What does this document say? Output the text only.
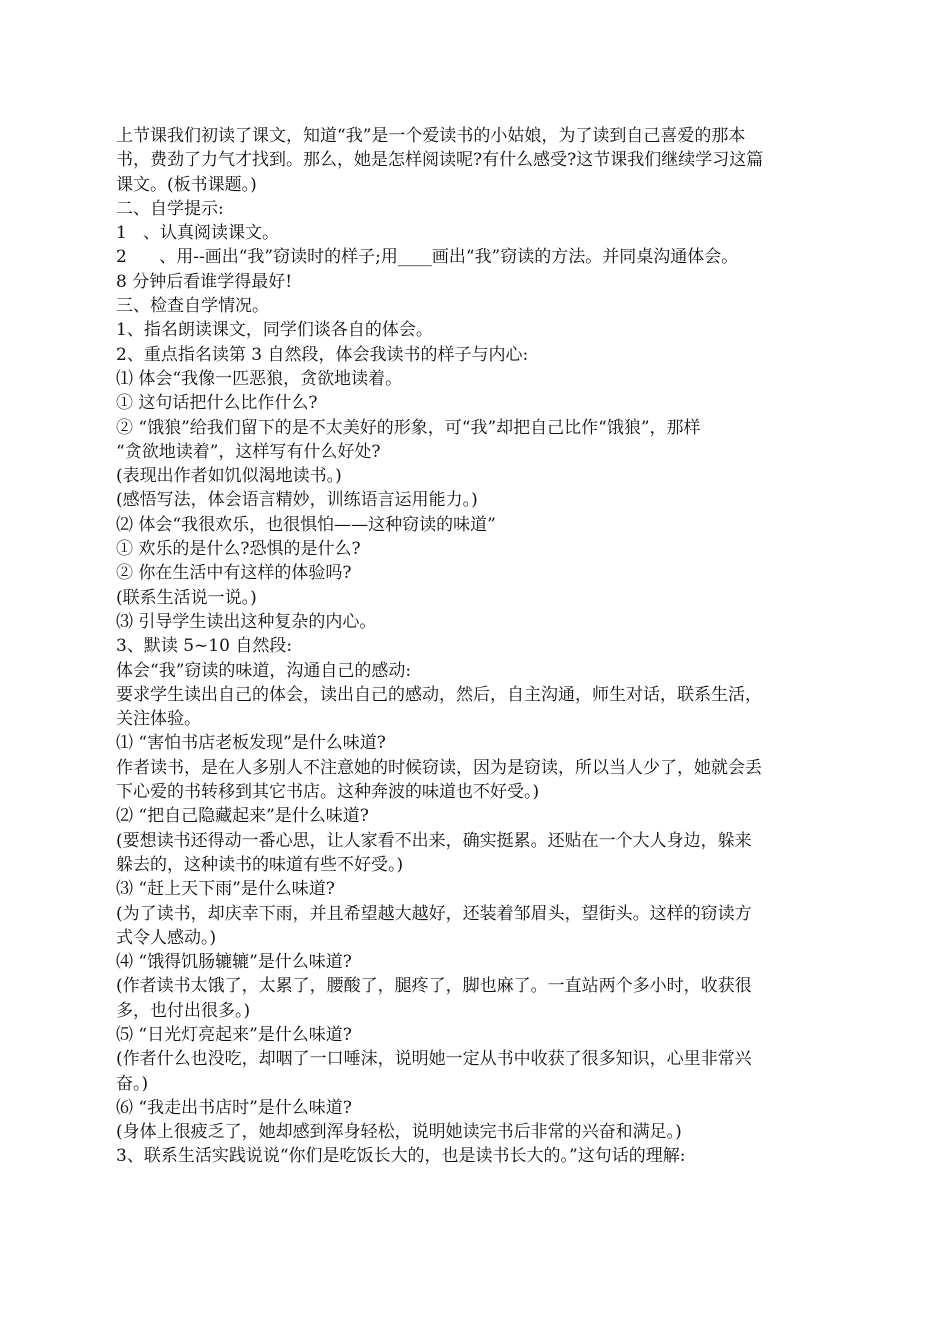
上节课我们初读了课文，知道“我”是一个爱读书的小姑娘，为了读到自己喜爱的那本
书，费劲了力气才找到。那么，她是怎样阅读呢?有什么感受?这节课我们继续学习这篇
课文。(板书课题。)
二、自学提示:
1   、认真阅读课文。
2      、用--画出“我”窃读时的样子;用____画出“我”窃读的方法。并同桌沟通体会。
8 分钟后看谁学得最好!
三、检查自学情况。
1、指名朗读课文，同学们谈各自的体会。
2、重点指名读第 3 自然段，体会我读书的样子与内心:
⑴ 体会“我像一匹恶狼，贪欲地读着。
① 这句话把什么比作什么?
② “饿狼”给我们留下的是不太美好的形象，可“我”却把自己比作“饿狼”，那样
“贪欲地读着”，这样写有什么好处?
(表现出作者如饥似渴地读书。)
(感悟写法，体会语言精妙，训练语言运用能力。)
⑵ 体会“我很欢乐，也很惧怕——这种窃读的味道”
① 欢乐的是什么?恐惧的是什么?
② 你在生活中有这样的体验吗?
(联系生活说一说。)
⑶ 引导学生读出这种复杂的内心。
3、默读 5~10 自然段:
体会“我”窃读的味道，沟通自己的感动:
要求学生读出自己的体会，读出自己的感动，然后，自主沟通，师生对话，联系生活，
关注体验。
⑴ “害怕书店老板发现”是什么味道?
作者读书，是在人多别人不注意她的时候窃读，因为是窃读，所以当人少了，她就会丢
下心爱的书转移到其它书店。这种奔波的味道也不好受。)
⑵ “把自己隐藏起来”是什么味道?
(要想读书还得动一番心思，让人家看不出来，确实挺累。还贴在一个大人身边，躲来
躲去的，这种读书的味道有些不好受。)
⑶ “赶上天下雨”是什么味道?
(为了读书，却庆幸下雨，并且希望越大越好，还装着邹眉头，望街头。这样的窃读方
式令人感动。)
⑷ “饿得饥肠辘辘”是什么味道?
(作者读书太饿了，太累了，腰酸了，腿疼了，脚也麻了。一直站两个多小时，收获很
多，也付出很多。)
⑸ “日光灯亮起来”是什么味道?
(作者什么也没吃，却咽了一口唾沫，说明她一定从书中收获了很多知识，心里非常兴
奋。)
⑹ “我走出书店时”是什么味道?
(身体上很疲乏了，她却感到浑身轻松，说明她读完书后非常的兴奋和满足。)
3、联系生活实践说说“你们是吃饭长大的，也是读书长大的。”这句话的理解:
